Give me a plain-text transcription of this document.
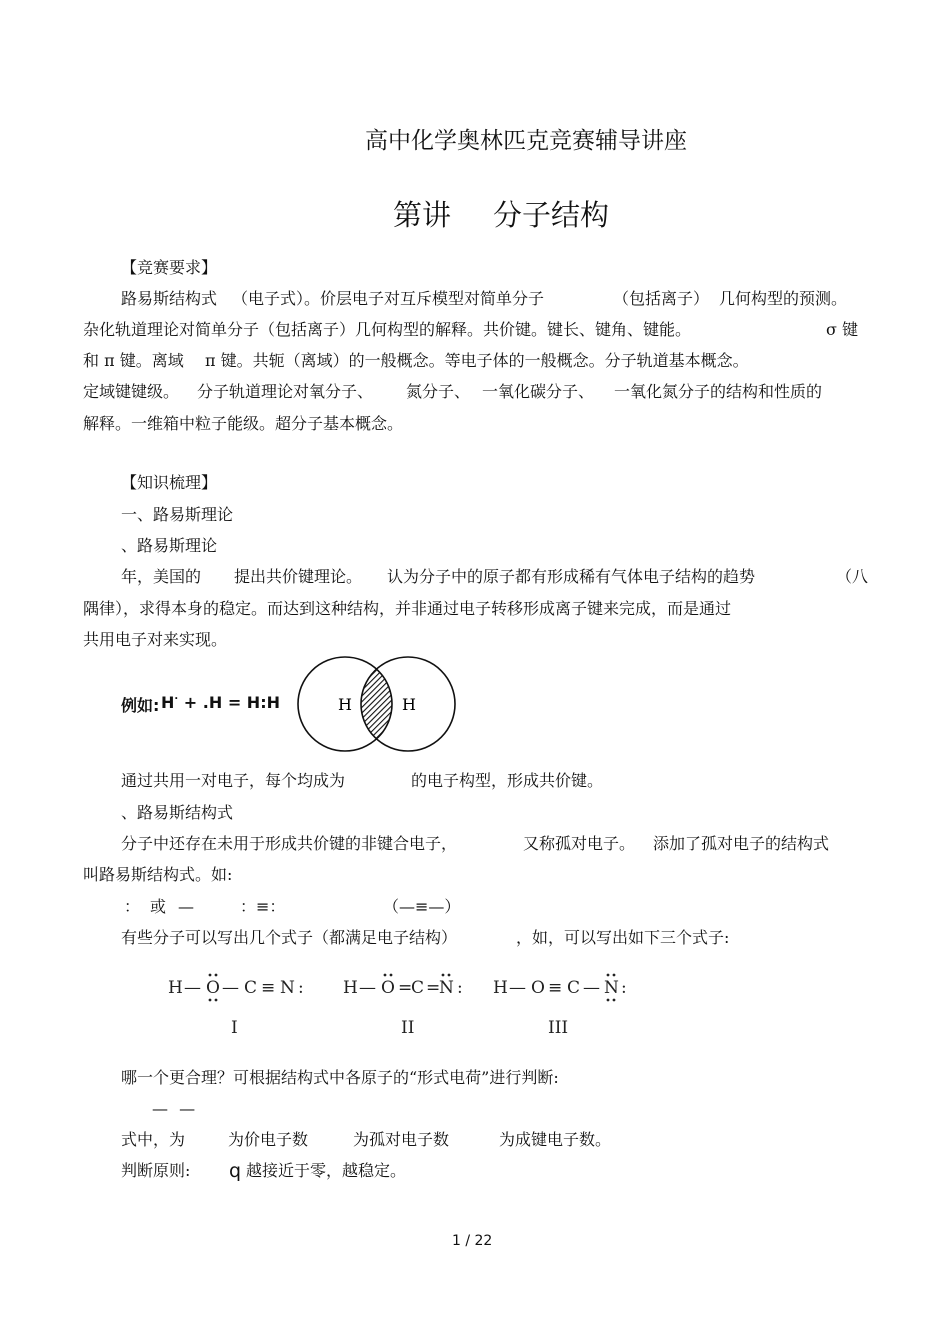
高中化学奥林匹克竞赛辅导讲座
第讲 分子结构
【竞赛要求】
路易斯结构式 （电子式）。价层电子对互斥模型对简单分子	（包括离子） 几何构型的预测。
杂化轨道理论对简单分子（包括离子）几何构型的解释。共价键。键长、键角、键能。	σ 键
和 π 键。离域 π 键。共轭（离域）的一般概念。等电子体的一般概念。分子轨道基本概念。
定域键键级。 分子轨道理论对氧分子、 氮分子、 一氧化碳分子、 一氧化氮分子的结构和性质的
解释。一维箱中粒子能级。超分子基本概念。
【知识梳理】
一、路易斯理论
、路易斯理论
年，美国的 提出共价键理论。 认为分子中的原子都有形成稀有气体电子结构的趋势	（八
隅律），求得本身的稳定。而达到这种结构，并非通过电子转移形成离子键来完成，而是通过
共用电子对来实现。
例如: H· + .H = H:H	H	H
通过共用一对电子，每个均成为	的电子构型，形成共价键。
、路易斯结构式
分子中还存在未用于形成共价键的非键合电子，	又称孤对电子。 添加了孤对电子的结构式
叫路易斯结构式。如:
： 或 —	：≡：	（—≡—）
有些分子可以写出几个式子（都满足电子结构）	，如，可以写出如下三个式子:
H — O — C ≡ N :
I
H — O =
C =
N :
II
H — O ≡ C — N :
III
哪一个更合理？可根据结构式中各原子的“形式电荷”进行判断:
— —
式中，为	为价电子数	为孤对电子数	为成键电子数。
判断原则: q 越接近于零，越稳定。
1 / 22
